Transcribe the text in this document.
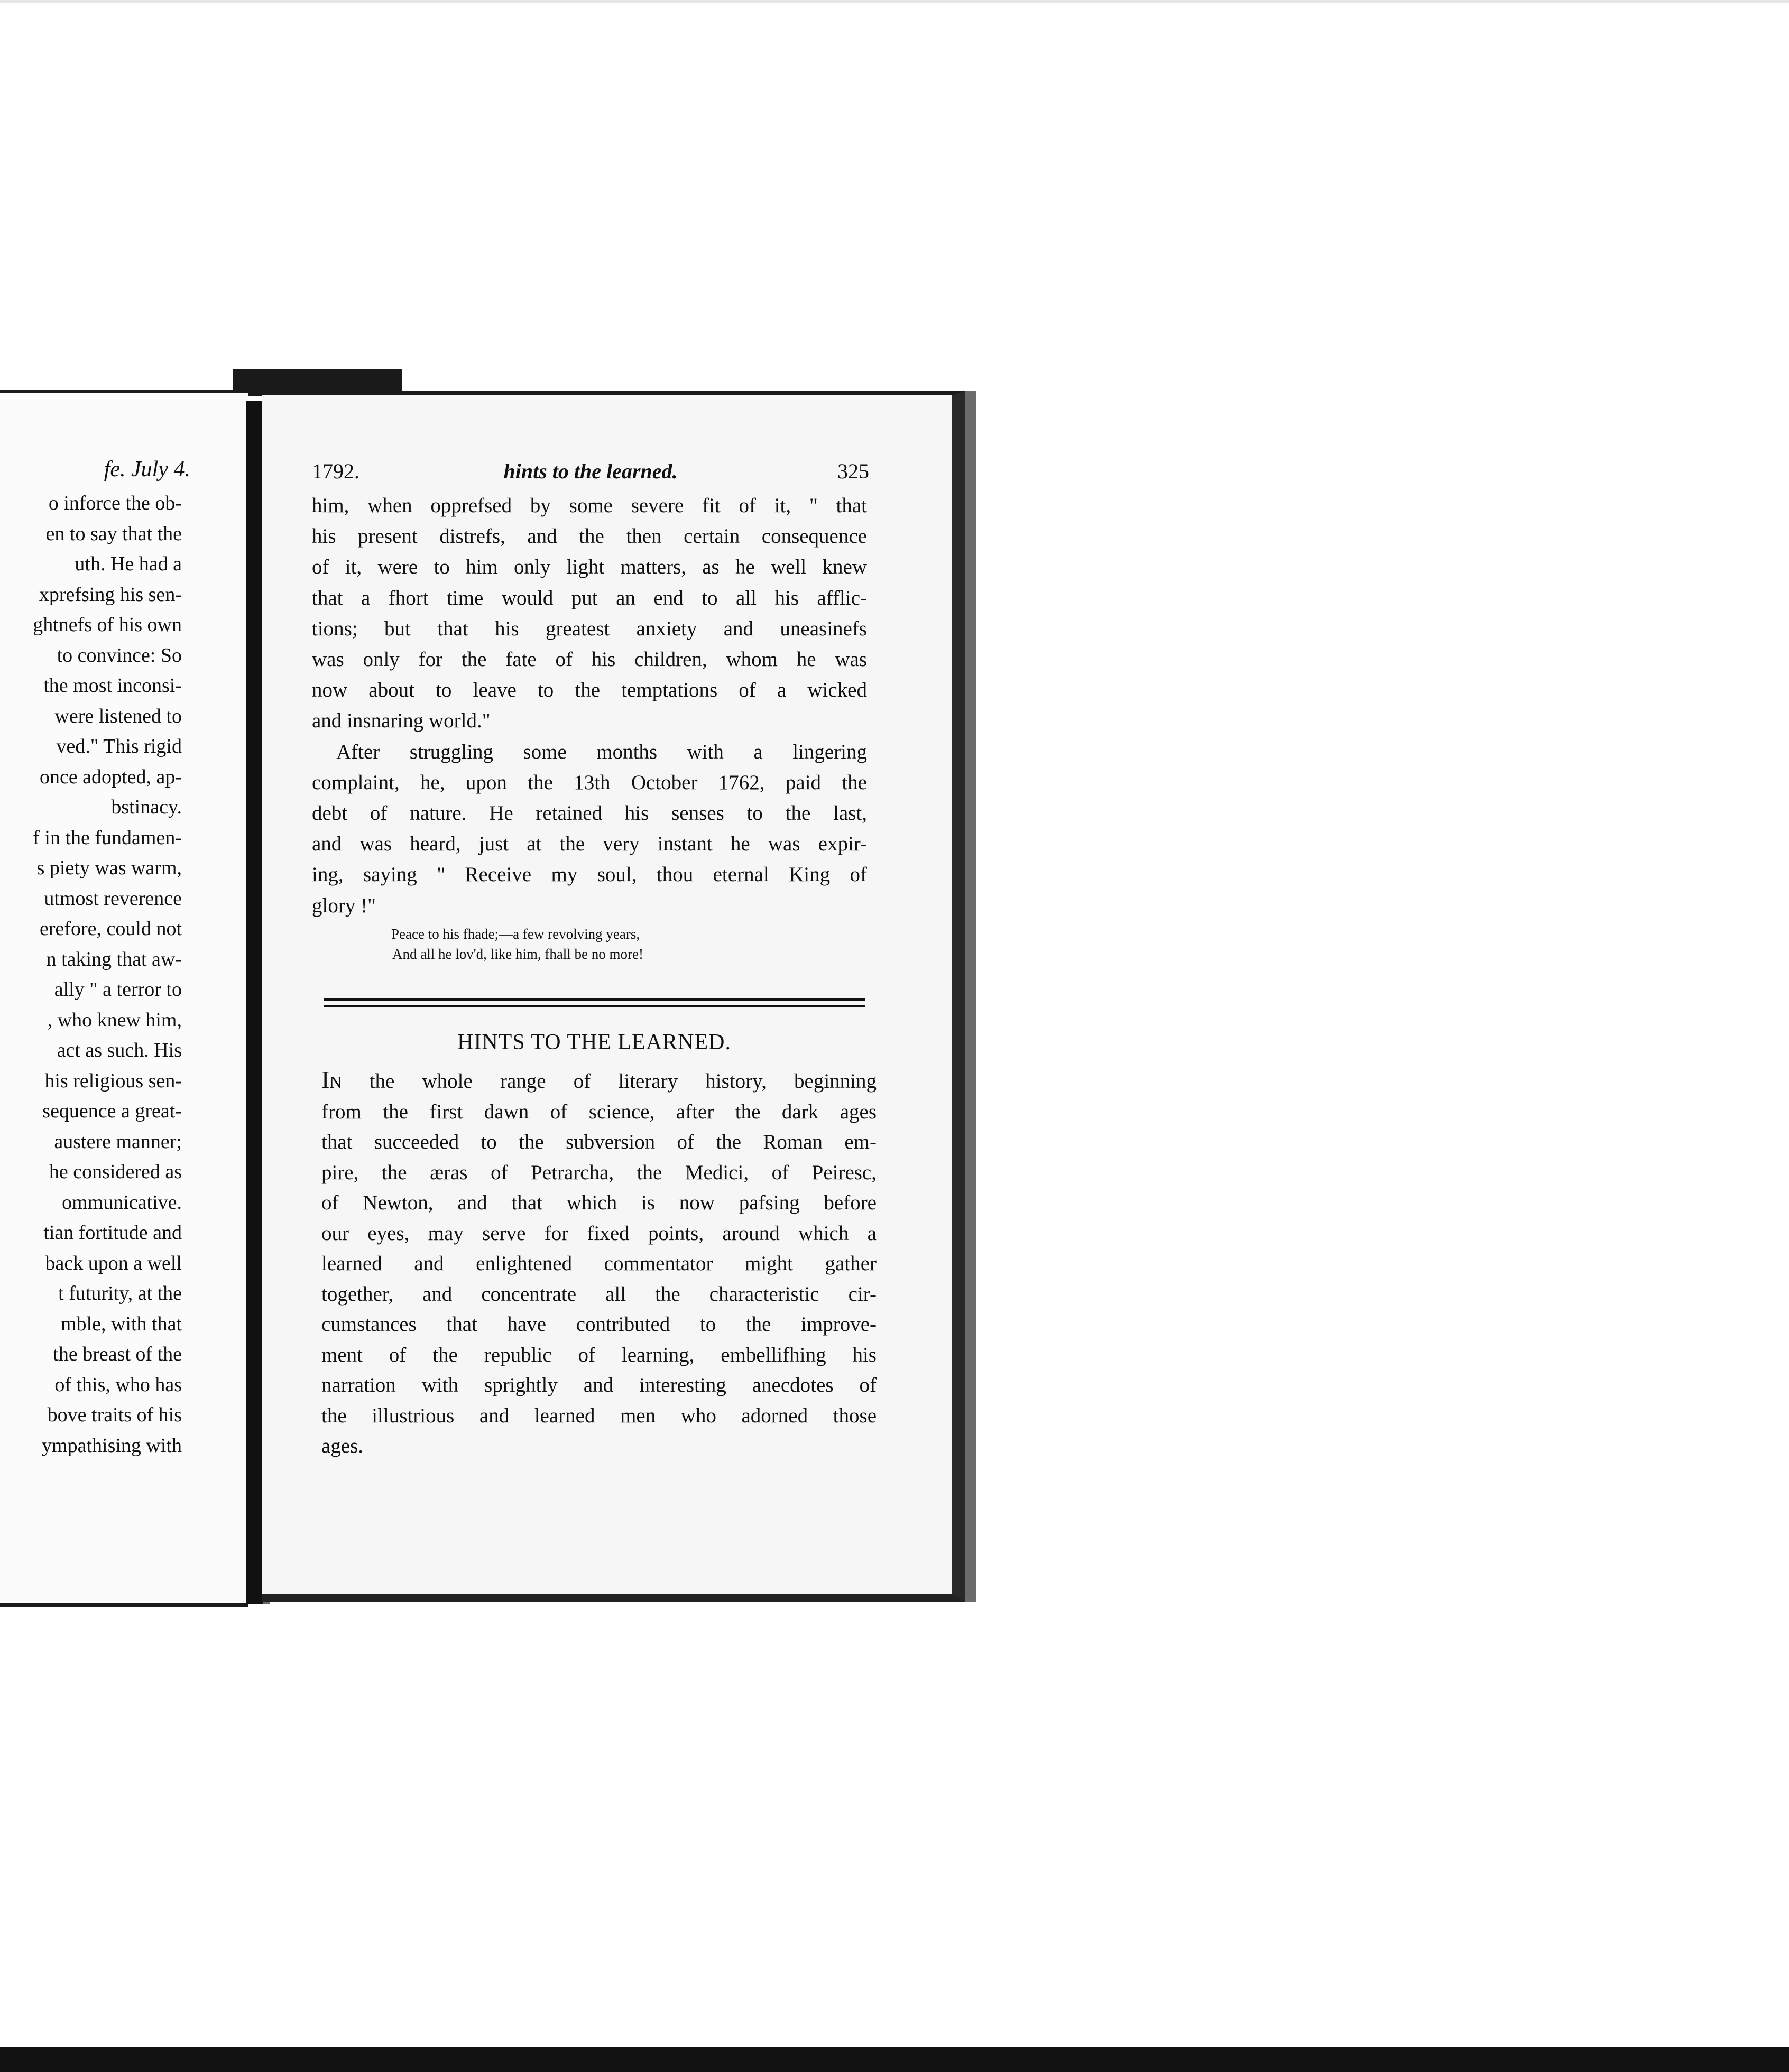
fe. July 4.
o inforce the ob-
en to say that the
uth. He had a
xprefsing his sen-
ghtnefs of his own
to convince: So
the most inconsi-
were listened to
ved." This rigid
once adopted, ap-
bstinacy.
f in the fundamen-
s piety was warm,
utmost reverence
erefore, could not
n taking that aw-
ally " a terror to
, who knew him,
act as such. His
his religious sen-
sequence a great-
austere manner;
he considered as
ommunicative.
tian fortitude and
back upon a well
t futurity, at the
mble, with that
the breast of the
of this, who has
bove traits of his
ympathising with
1792.	hints to the learned.	325
him, when opprefsed by some severe fit of it, " that
his present distrefs, and the then certain consequence
of it, were to him only light matters, as he well knew
that a fhort time would put an end to all his afflic-
tions; but that his greatest anxiety and uneasinefs
was only for the fate of his children, whom he was
now about to leave to the temptations of a wicked
and insnaring world."
After struggling some months with a lingering
complaint, he, upon the 13th October 1762, paid the
debt of nature. He retained his senses to the last,
and was heard, just at the very instant he was expir-
ing, saying " Receive my soul, thou eternal King of
glory !"
Peace to his fhade;—a few revolving years,
And all he lov'd, like him, fhall be no more!
HINTS TO THE LEARNED.
In the whole range of literary history, beginning
from the first dawn of science, after the dark ages
that succeeded to the subversion of the Roman em-
pire, the æras of Petrarcha, the Medici, of Peiresc,
of Newton, and that which is now pafsing before
our eyes, may serve for fixed points, around which a
learned and enlightened commentator might gather
together, and concentrate all the characteristic cir-
cumstances that have contributed to the improve-
ment of the republic of learning, embellifhing his
narration with sprightly and interesting anecdotes of
the illustrious and learned men who adorned those
ages.
